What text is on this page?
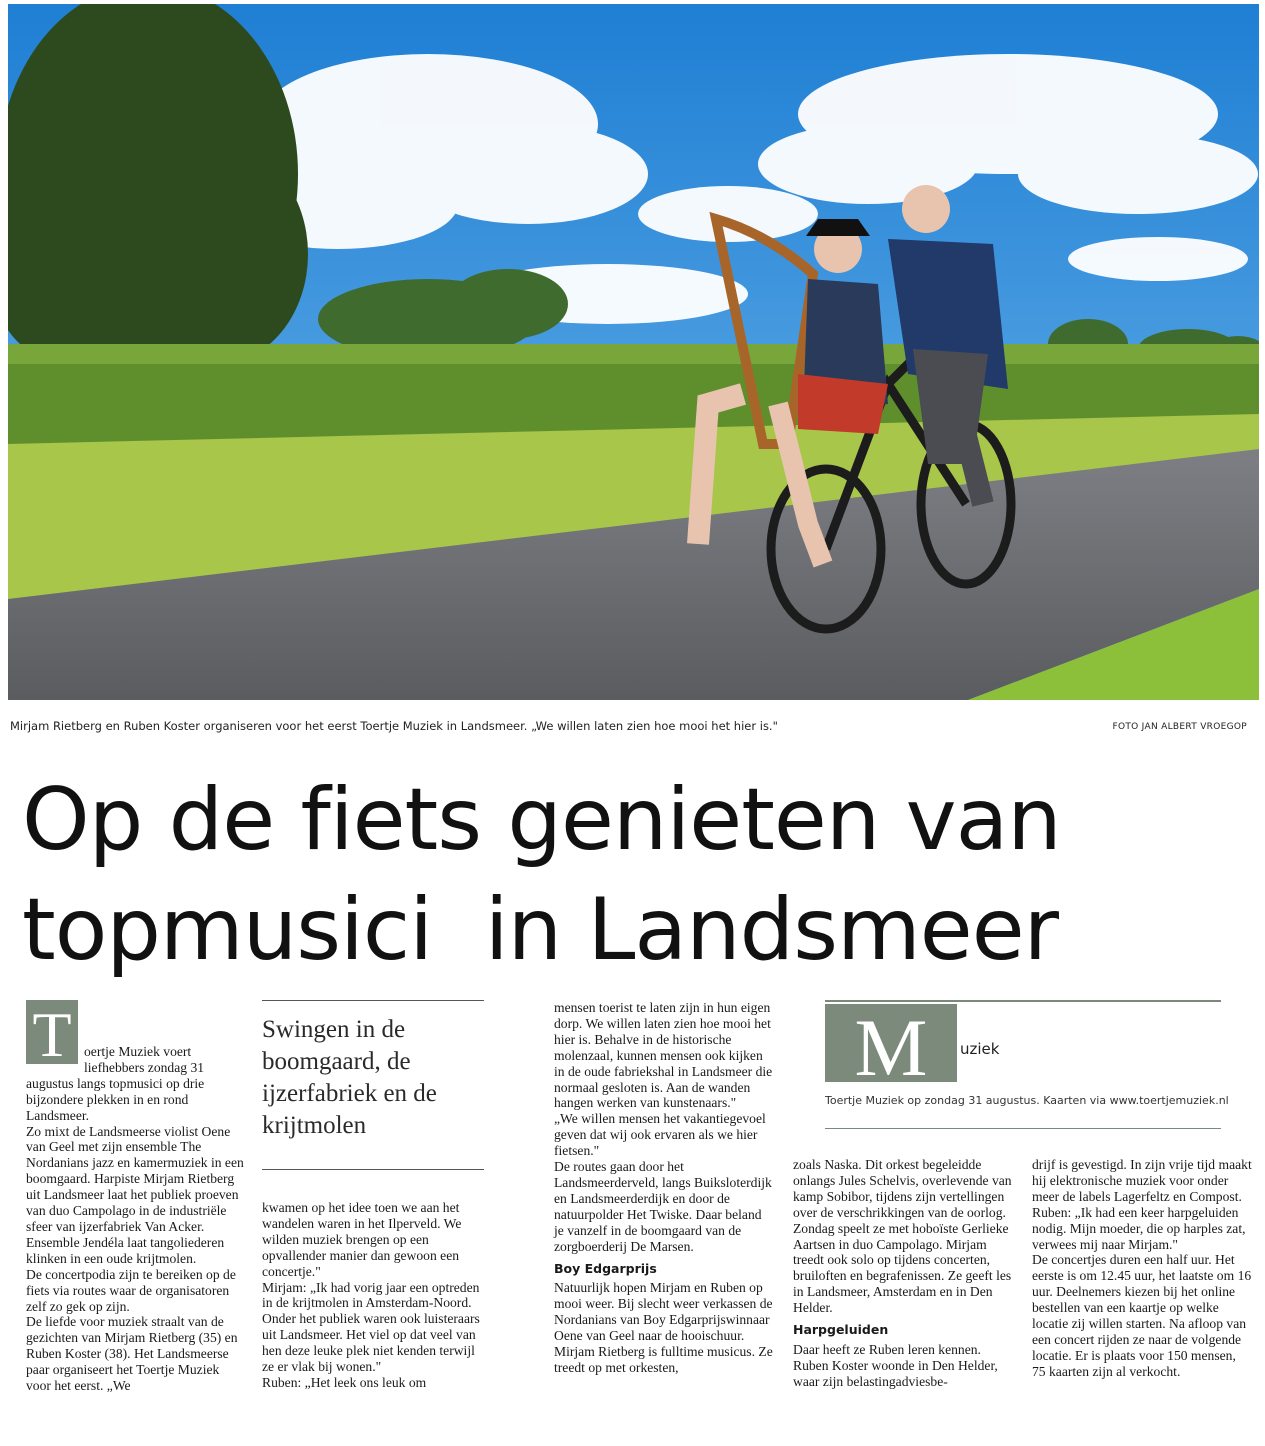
Mirjam Rietberg en Ruben Koster organiseren voor het eerst Toertje Muziek in Landsmeer. „We willen laten zien hoe mooi het hier is."	FOTO JAN ALBERT VROEGOP
Op de fiets genieten van
topmusici  in Landsmeer
T oertje Muziek voert liefhebbers zondag 31 augustus langs topmusici op drie bijzondere plekken in en rond Landsmeer.

Zo mixt de Landsmeerse violist Oene van Geel met zijn ensemble The Nordanians jazz en kamermuziek in een boomgaard. Harpiste Mirjam Rietberg uit Landsmeer laat het publiek proeven van duo Campolago in de industriële sfeer van ijzerfabriek Van Acker. Ensemble Jendéla laat tangoliederen klinken in een oude krijtmolen.

De concertpodia zijn te bereiken op de fiets via routes waar de organisatoren zelf zo gek op zijn.

De liefde voor muziek straalt van de gezichten van Mirjam Rietberg (35) en Ruben Koster (38). Het Landsmeerse paar organiseert het Toertje Muziek voor het eerst. „We

Swingen in de boomgaard, de ijzerfabriek en de krijtmolen

kwamen op het idee toen we aan het wandelen waren in het Ilperveld. We wilden muziek brengen op een opvallender manier dan gewoon een concertje."

Mirjam: „Ik had vorig jaar een optreden in de krijtmolen in Amsterdam-Noord. Onder het publiek waren ook luisteraars uit Landsmeer. Het viel op dat veel van hen deze leuke plek niet kenden terwijl ze er vlak bij wonen."

Ruben: „Het leek ons leuk om

mensen toerist te laten zijn in hun eigen dorp. We willen laten zien hoe mooi het hier is. Behalve in de historische molenzaal, kunnen mensen ook kijken in de oude fabriekshal in Landsmeer die normaal gesloten is. Aan de wanden hangen werken van kunstenaars."

„We willen mensen het vakantiegevoel geven dat wij ook ervaren als we hier fietsen."

De routes gaan door het Landsmeerderveld, langs Buiksloterdijk en Landsmeerderdijk en door de natuurpolder Het Twiske. Daar beland je vanzelf in de boomgaard van de zorgboerderij De Marsen.

Boy Edgarprijs

Natuurlijk hopen Mirjam en Ruben op mooi weer. Bij slecht weer verkassen de Nordanians van Boy Edgarprijswinnaar Oene van Geel naar de hooischuur.

Mirjam Rietberg is fulltime musicus. Ze treedt op met orkesten,

M	uziek
Toertje Muziek op zondag 31 augustus. Kaarten via www.toertjemuziek.nl

zoals Naska. Dit orkest begeleidde onlangs Jules Schelvis, overlevende van kamp Sobibor, tijdens zijn vertellingen over de verschrikkingen van de oorlog. Zondag speelt ze met hoboïste Gerlieke Aartsen in duo Campolago. Mirjam treedt ook solo op tijdens concerten, bruiloften en begrafenissen. Ze geeft les in Landsmeer, Amsterdam en in Den Helder.

Harpgeluiden

Daar heeft ze Ruben leren kennen. Ruben Koster woonde in Den Helder, waar zijn belastingadviesbe-

drijf is gevestigd. In zijn vrije tijd maakt hij elektronische muziek voor onder meer de labels Lagerfeltz en Compost. Ruben: „Ik had een keer harpgeluiden nodig. Mijn moeder, die op harples zat, verwees mij naar Mirjam."

De concertjes duren een half uur. Het eerste is om 12.45 uur, het laatste om 16 uur. Deelnemers kiezen bij het online bestellen van een kaartje op welke locatie zij willen starten. Na afloop van een concert rijden ze naar de volgende locatie. Er is plaats voor 150 mensen, 75 kaarten zijn al verkocht.
